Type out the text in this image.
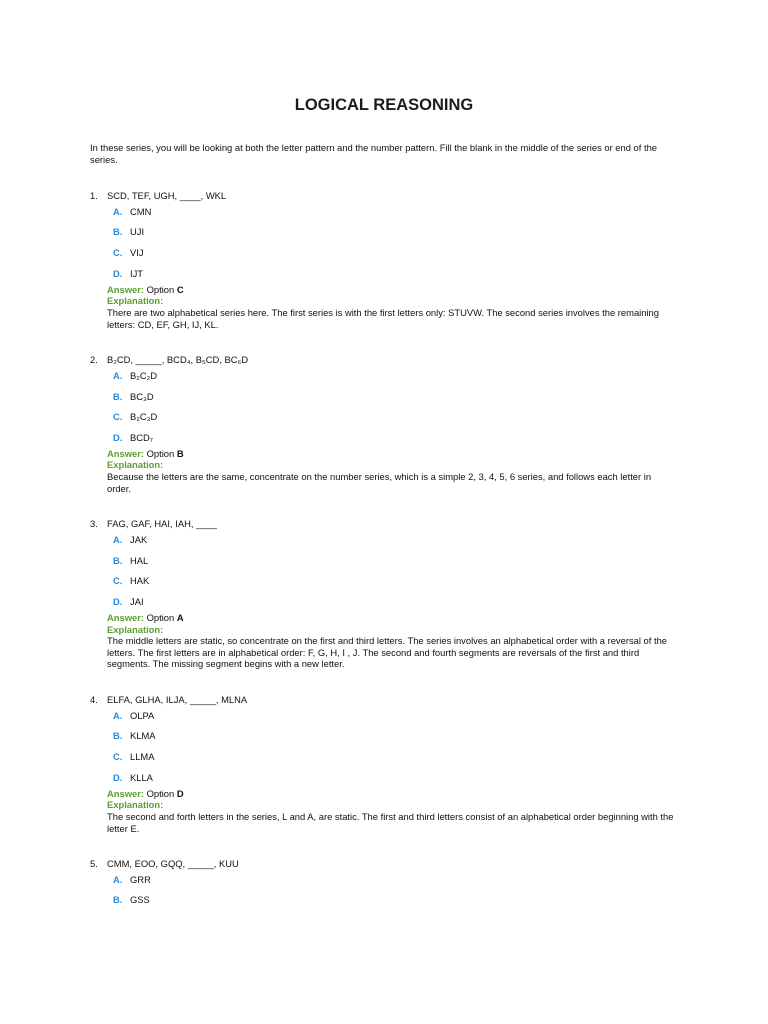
LOGICAL REASONING
In these series, you will be looking at both the letter pattern and the number pattern. Fill the blank in the middle of the series or end of the
series.
1. SCD, TEF, UGH, ____, WKL
A. CMN
B. UJI
C. VIJ
D. IJT
Answer: Option C
Explanation:
There are two alphabetical series here. The first series is with the first letters only: STUVW. The second series involves the remaining
letters: CD, EF, GH, IJ, KL.
2. B₂CD, _____, BCD₄, B₅CD, BC₆D
A. B₂C₂D
B. BC₃D
C. B₂C₃D
D. BCD₇
Answer: Option B
Explanation:
Because the letters are the same, concentrate on the number series, which is a simple 2, 3, 4, 5, 6 series, and follows each letter in
order.
3. FAG, GAF, HAI, IAH, ____
A. JAK
B. HAL
C. HAK
D. JAI
Answer: Option A
Explanation:
The middle letters are static, so concentrate on the first and third letters. The series involves an alphabetical order with a reversal of the
letters. The first letters are in alphabetical order: F, G, H, I , J. The second and fourth segments are reversals of the first and third
segments. The missing segment begins with a new letter.
4. ELFA, GLHA, ILJA, _____, MLNA
A. OLPA
B. KLMA
C. LLMA
D. KLLA
Answer: Option D
Explanation:
The second and forth letters in the series, L and A, are static. The first and third letters consist of an alphabetical order beginning with the
letter E.
5. CMM, EOO, GQQ, _____, KUU
A. GRR
B. GSS
